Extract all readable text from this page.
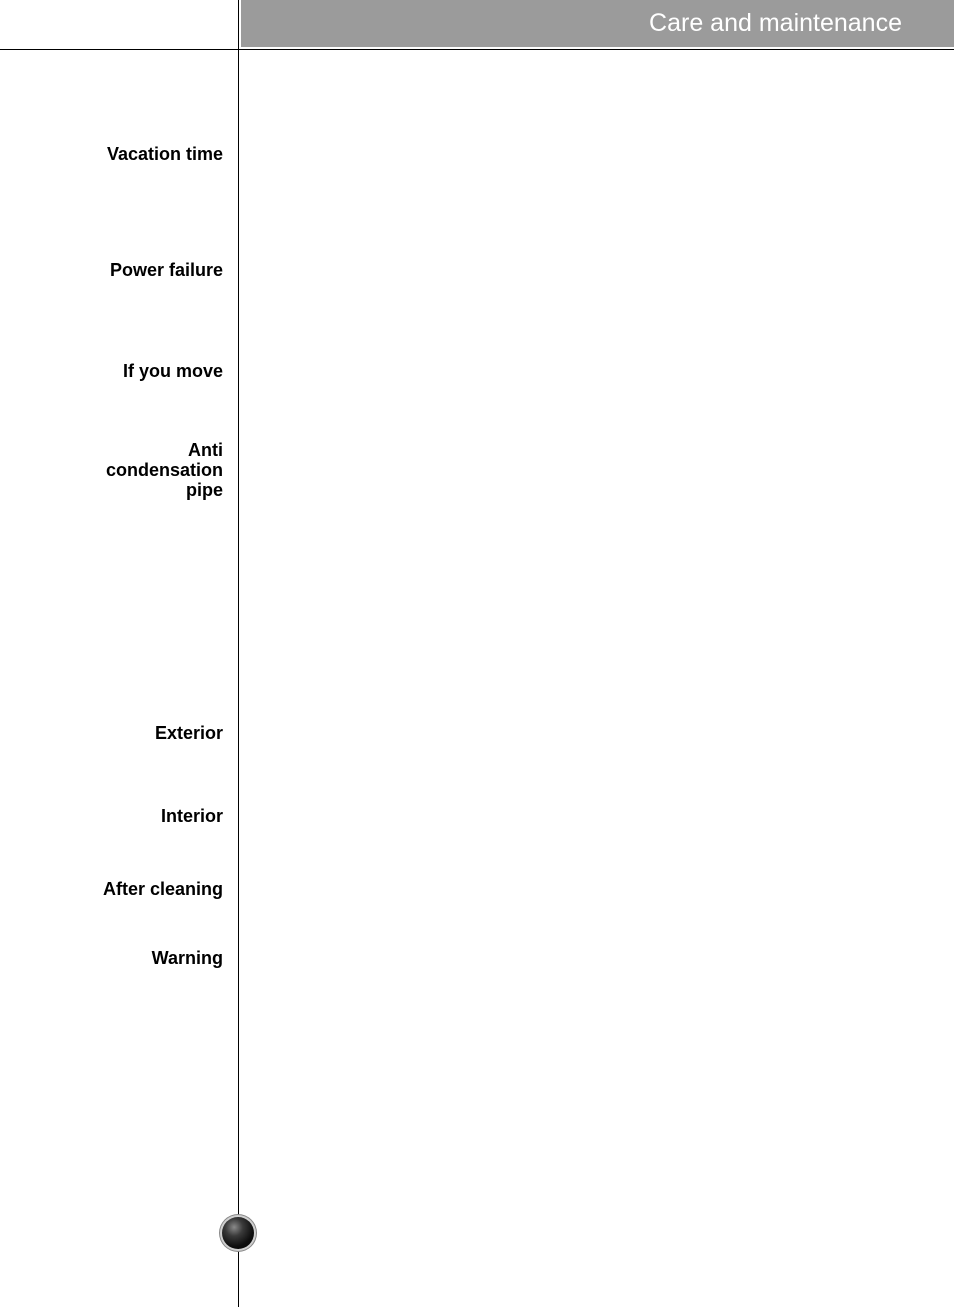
Care and maintenance
Vacation time
Power failure
If you move
Anti
condensation
pipe
Exterior
Interior
After cleaning
Warning
